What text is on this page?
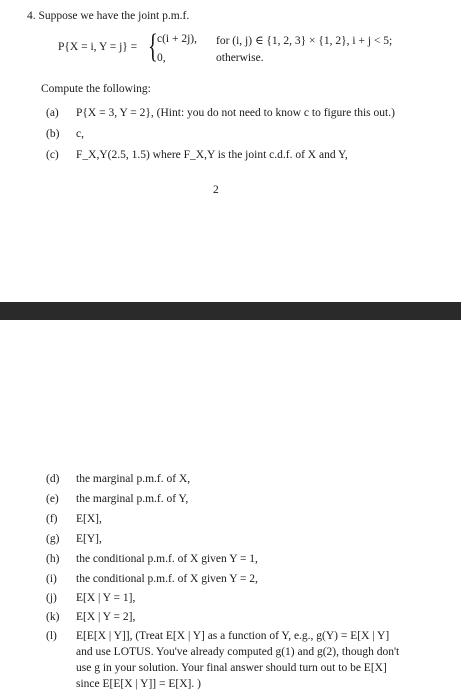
4. Suppose we have the joint p.m.f.
P{X = i, Y = j} = { c(i + 2j), for (i, j) ∈ {1, 2, 3} × {1, 2}, i + j < 5;
0,	otherwise.
Compute the following:
(a) P{X = 3, Y = 2}, (Hint: you do not need to know c to figure this out.)
(b) c,
(c) F_X,Y(2.5, 1.5) where F_X,Y is the joint c.d.f. of X and Y,
2
(d) the marginal p.m.f. of X,
(e) the marginal p.m.f. of Y,
(f) E[X],
(g) E[Y],
(h) the conditional p.m.f. of X given Y = 1,
(i) the conditional p.m.f. of X given Y = 2,
(j) E[X | Y = 1],
(k) E[X | Y = 2],
(l) E[E[X | Y]], (Treat E[X | Y] as a function of Y, e.g., g(Y) = E[X | Y]
and use LOTUS. You've already computed g(1) and g(2), though don't
use g in your solution. Your final answer should turn out to be E[X]
since E[E[X | Y]] = E[X]. )
